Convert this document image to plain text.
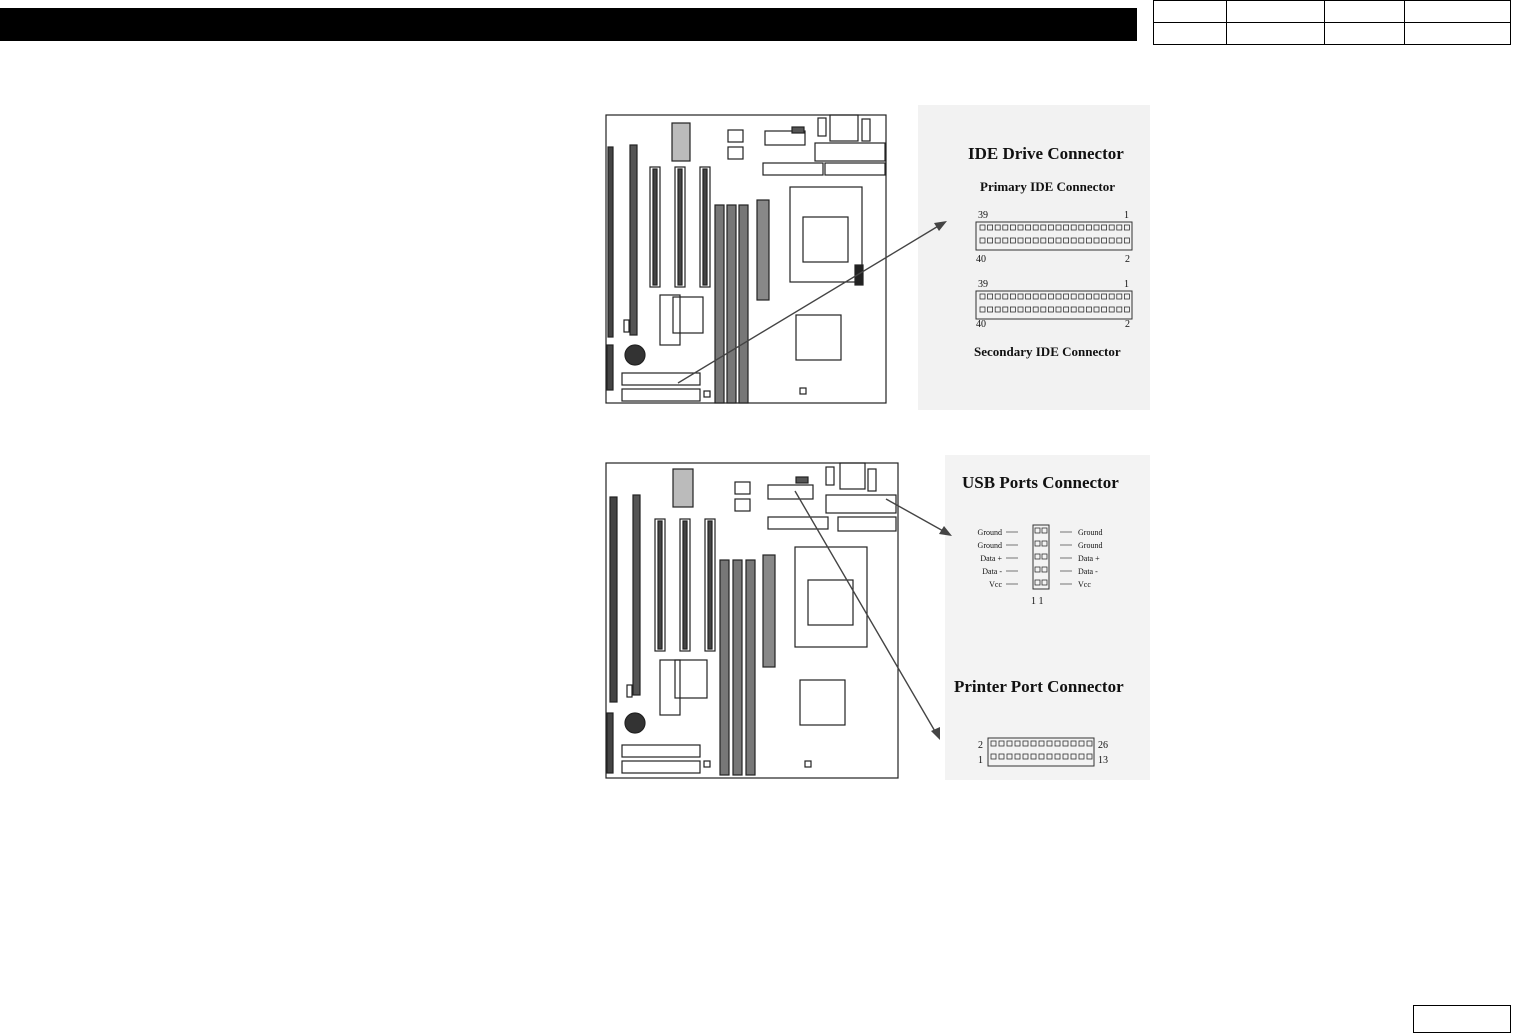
IDE Drive Connector
Primary IDE Connector
39	1
40	2
39	1
40	2
Secondary IDE Connector
USB Ports Connector
Ground
Ground
Data +
Data -
Vcc
Ground
Ground
Data +
Data -
Vcc
1 1
Printer Port Connector
2
1
26
13
